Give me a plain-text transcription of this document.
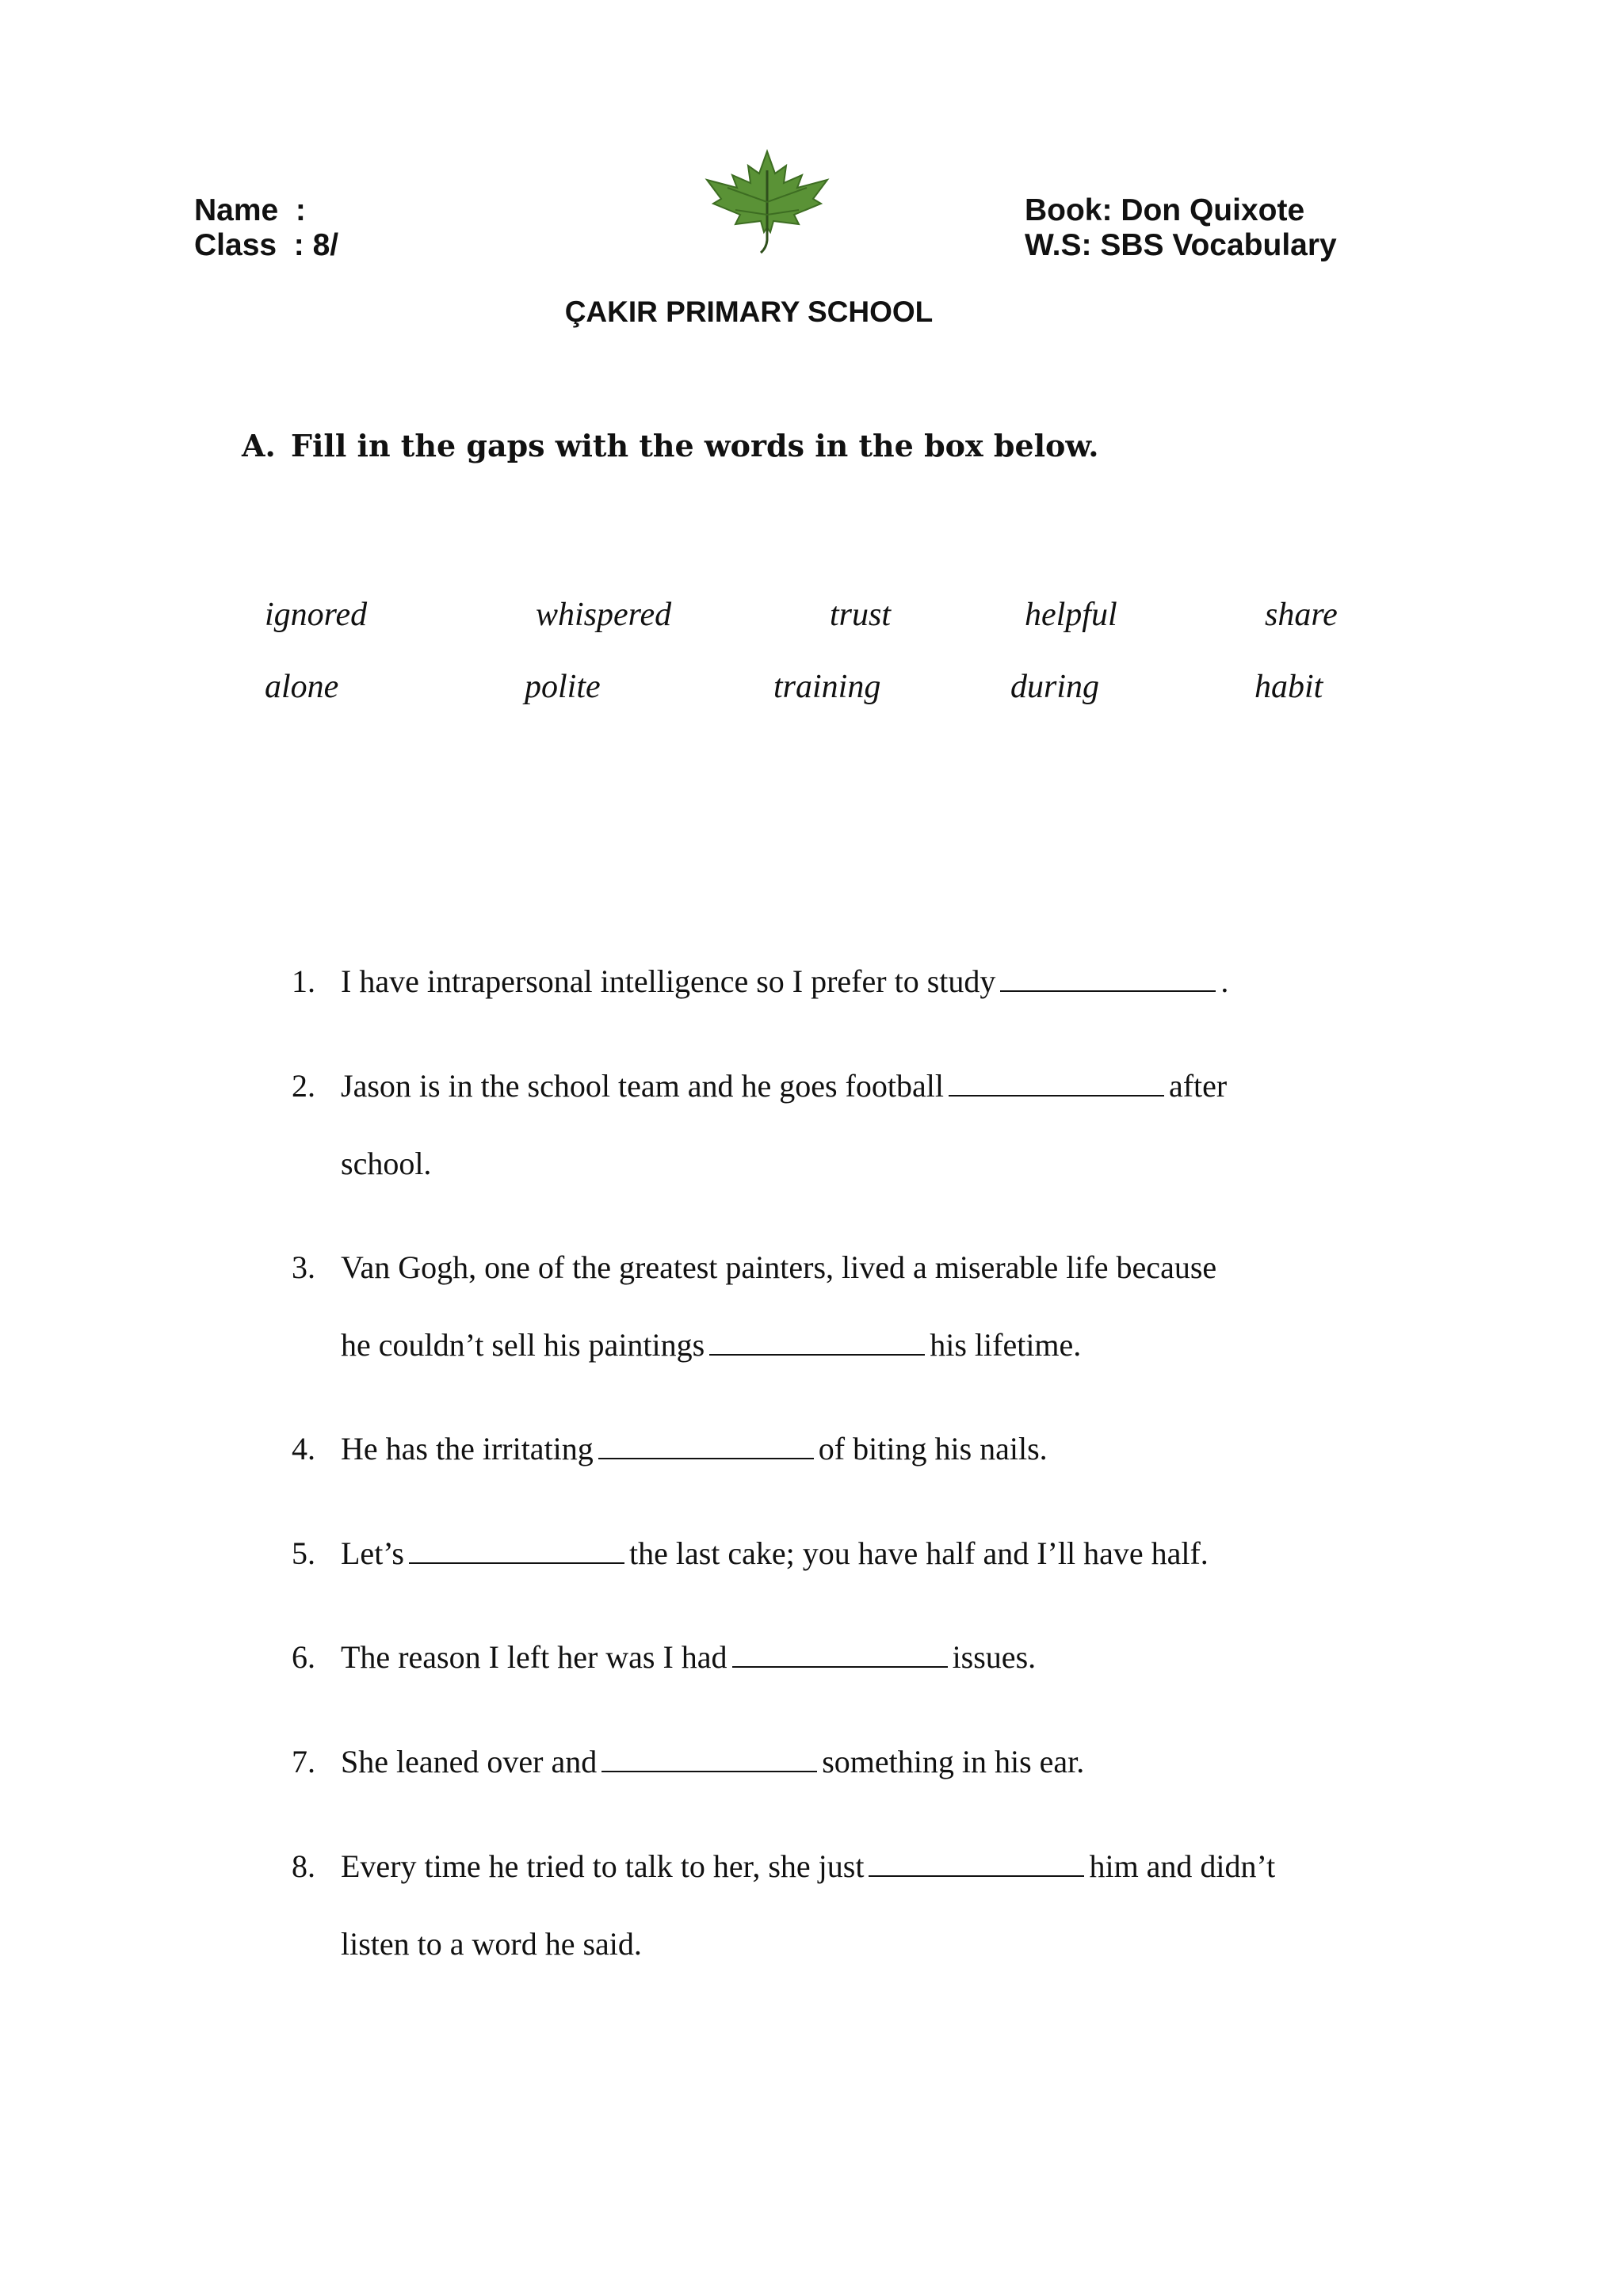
Name  :
Class  : 8/
Book: Don Quixote
W.S: SBS Vocabulary
ÇAKIR PRIMARY SCHOOL
A. Fill in the gaps with the words in the box below.
ignored	whispered	trust	helpful	share
alone	polite	training	during	habit
1. I have intrapersonal intelligence so I prefer to study	.
2. Jason is in the school team and he goes football	after
school.
3. Van Gogh, one of the greatest painters, lived a miserable life because
he couldn’t sell his paintings	his lifetime.
4. He has the irritating	of biting his nails.
5. Let’s	the last cake; you have half and I’ll have half.
6. The reason I left her was I had	issues.
7. She leaned over and	something in his ear.
8. Every time he tried to talk to her, she just	him and didn’t
listen to a word he said.
